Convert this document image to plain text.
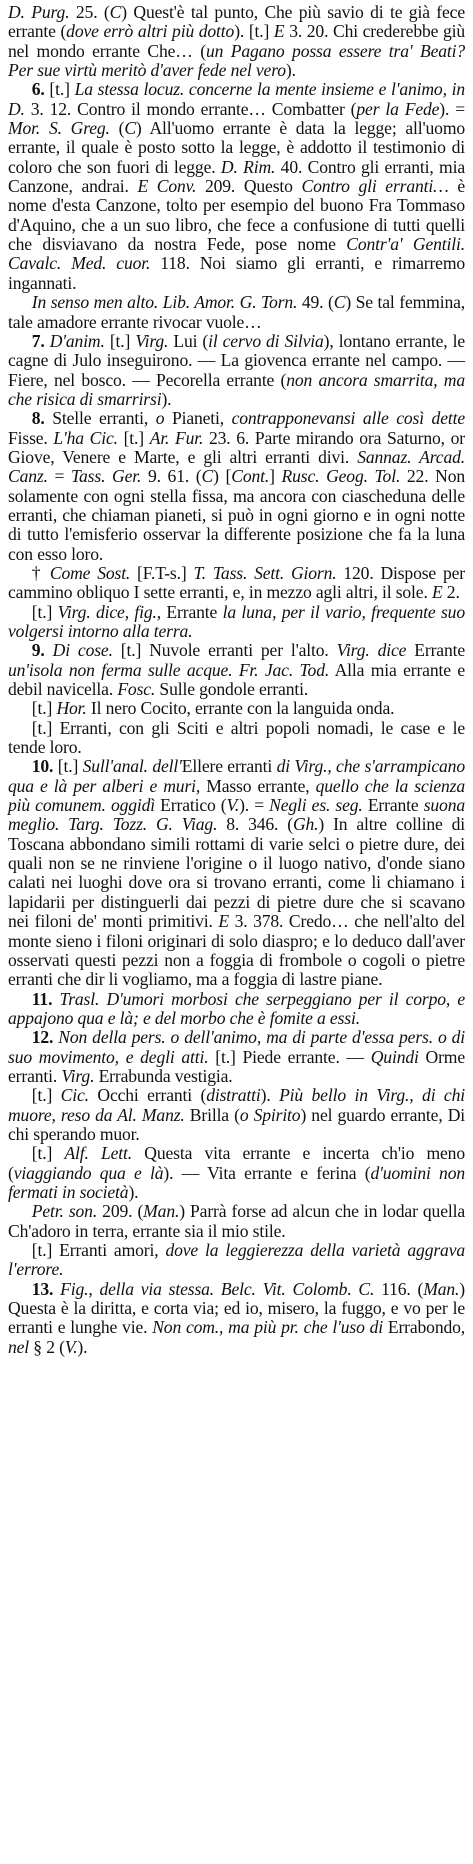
D. Purg. 25. (C) Quest'è tal punto, Che più savio di te già fece errante (dove errò altri più dotto). [t.] E 3. 20. Chi crederebbe giù nel mondo errante Che… (un Pagano possa essere tra' Beati? Per sue virtù meritò d'aver fede nel vero).

6. [t.] La stessa locuz. concerne la mente insieme e l'animo, in D. 3. 12. Contro il mondo errante… Combatter (per la Fede). = Mor. S. Greg. (C) All'uomo errante è data la legge; all'uomo errante, il quale è posto sotto la legge, è addotto il testimonio di coloro che son fuori di legge. D. Rim. 40. Contro gli erranti, mia Canzone, andrai. E Conv. 209. Questo Contro gli erranti… è nome d'esta Canzone, tolto per esempio del buono Fra Tommaso d'Aquino, che a un suo libro, che fece a confusione di tutti quelli che disviavano da nostra Fede, pose nome Contr'a' Gentili. Cavalc. Med. cuor. 118. Noi siamo gli erranti, e rimarremo ingannati.

In senso men alto. Lib. Amor. G. Torn. 49. (C) Se tal femmina, tale amadore errante rivocar vuole…

7. D'anim. [t.] Virg. Lui (il cervo di Silvia), lontano errante, le cagne di Julo inseguirono. — La giovenca errante nel campo. — Fiere, nel bosco. — Pecorella errante (non ancora smarrita, ma che risica di smarrirsi).

8. Stelle erranti, o Pianeti, contrapponevansi alle così dette Fisse. L'ha Cic. [t.] Ar. Fur. 23. 6. Parte mirando ora Saturno, or Giove, Venere e Marte, e gli altri erranti divi. Sannaz. Arcad. Canz. = Tass. Ger. 9. 61. (C) [Cont.] Rusc. Geog. Tol. 22. Non solamente con ogni stella fissa, ma ancora con ciascheduna delle erranti, che chiaman pianeti, si può in ogni giorno e in ogni notte di tutto l'emisferio osservar la differente posizione che fa la luna con esso loro.

† Come Sost. [F.T-s.] T. Tass. Sett. Giorn. 120. Dispose per cammino obliquo I sette erranti, e, in mezzo agli altri, il sole. E 2.

[t.] Virg. dice, fig., Errante la luna, per il vario, frequente suo volgersi intorno alla terra.

9. Di cose. [t.] Nuvole erranti per l'alto. Virg. dice Errante un'isola non ferma sulle acque. Fr. Jac. Tod. Alla mia errante e debil navicella. Fosc. Sulle gondole erranti.

[t.] Hor. Il nero Cocito, errante con la languida onda.

[t.] Erranti, con gli Sciti e altri popoli nomadi, le case e le tende loro.

10. [t.] Sull'anal. dell'Ellere erranti di Virg., che s'arrampicano qua e là per alberi e muri, Masso errante, quello che la scienza più comunem. oggidì Erratico (V.). = Negli es. seg. Errante suona meglio. Targ. Tozz. G. Viag. 8. 346. (Gh.) In altre colline di Toscana abbondano simili rottami di varie selci o pietre dure, dei quali non se ne rinviene l'origine o il luogo nativo, d'onde siano calati nei luoghi dove ora si trovano erranti, come li chiamano i lapidarii per distinguerli dai pezzi di pietre dure che si scavano nei filoni de' monti primitivi. E 3. 378. Credo… che nell'alto del monte sieno i filoni originari di solo diaspro; e lo deduco dall'aver osservati questi pezzi non a foggia di frombole o cogoli o pietre erranti che dir li vogliamo, ma a foggia di lastre piane.

11. Trasl. D'umori morbosi che serpeggiano per il corpo, e appajono qua e là; e del morbo che è fomite a essi.

12. Non della pers. o dell'animo, ma di parte d'essa pers. o di suo movimento, e degli atti. [t.] Piede errante. — Quindi Orme erranti. Virg. Errabunda vestigia.

[t.] Cic. Occhi erranti (distratti). Più bello in Virg., di chi muore, reso da Al. Manz. Brilla (o Spirito) nel guardo errante, Di chi sperando muor.

[t.] Alf. Lett. Questa vita errante e incerta ch'io meno (viaggiando qua e là). — Vita errante e ferina (d'uomini non fermati in società).

Petr. son. 209. (Man.) Parrà forse ad alcun che in lodar quella Ch'adoro in terra, errante sia il mio stile.

[t.] Erranti amori, dove la leggierezza della varietà aggrava l'errore.

13. Fig., della via stessa. Belc. Vit. Colomb. C. 116. (Man.) Questa è la diritta, e corta via; ed io, misero, la fuggo, e vo per le erranti e lunghe vie. Non com., ma più pr. che l'uso di Errabondo, nel § 2 (V.).
